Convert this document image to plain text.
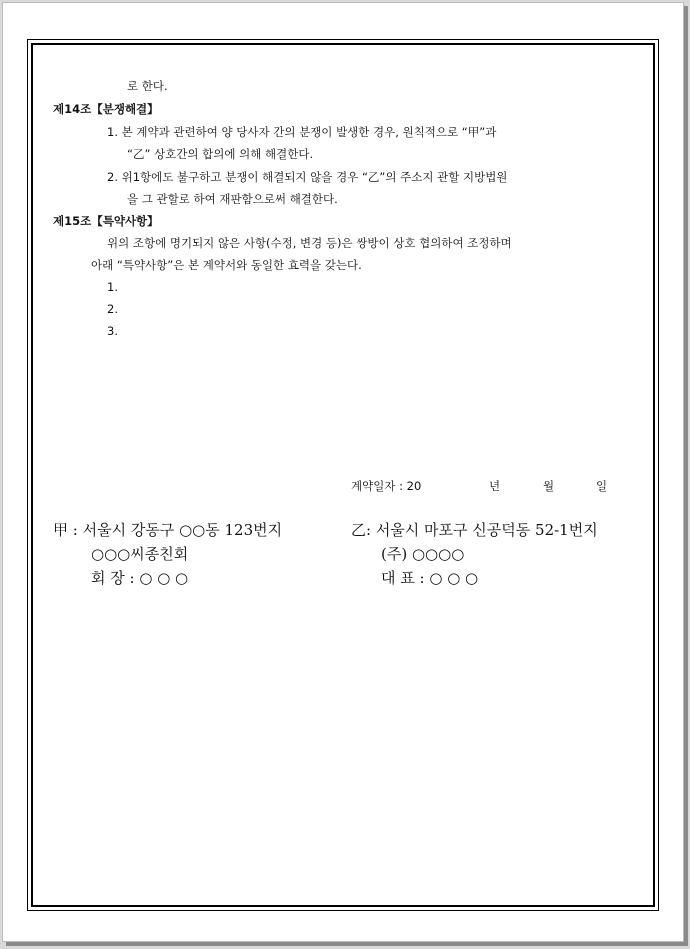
로 한다.
제14조【분쟁해결】
1. 본 계약과 관련하여 양 당사자 간의 분쟁이 발생한 경우, 원칙적으로 “甲”과
“乙” 상호간의 합의에 의해 해결한다.
2. 위1항에도 불구하고 분쟁이 해결되지 않을 경우 “乙”의 주소지 관할 지방법원
을 그 관할로 하여 재판함으로써 해결한다.
제15조【특약사항】
위의 조항에 명기되지 않은 사항(수정, 변경 등)은 쌍방이 상호 협의하여 조정하며
아래 “특약사항”은 본 계약서와 동일한 효력을 갖는다.
1.
2.
3.
계약일자 : 20	년	월	일
甲 : 서울시 강동구 ○○동 123번지
○○○씨종친회
회 장 : ○ ○ ○
乙: 서울시 마포구 신공덕동 52-1번지
(주) ○○○○
대 표 : ○ ○ ○
